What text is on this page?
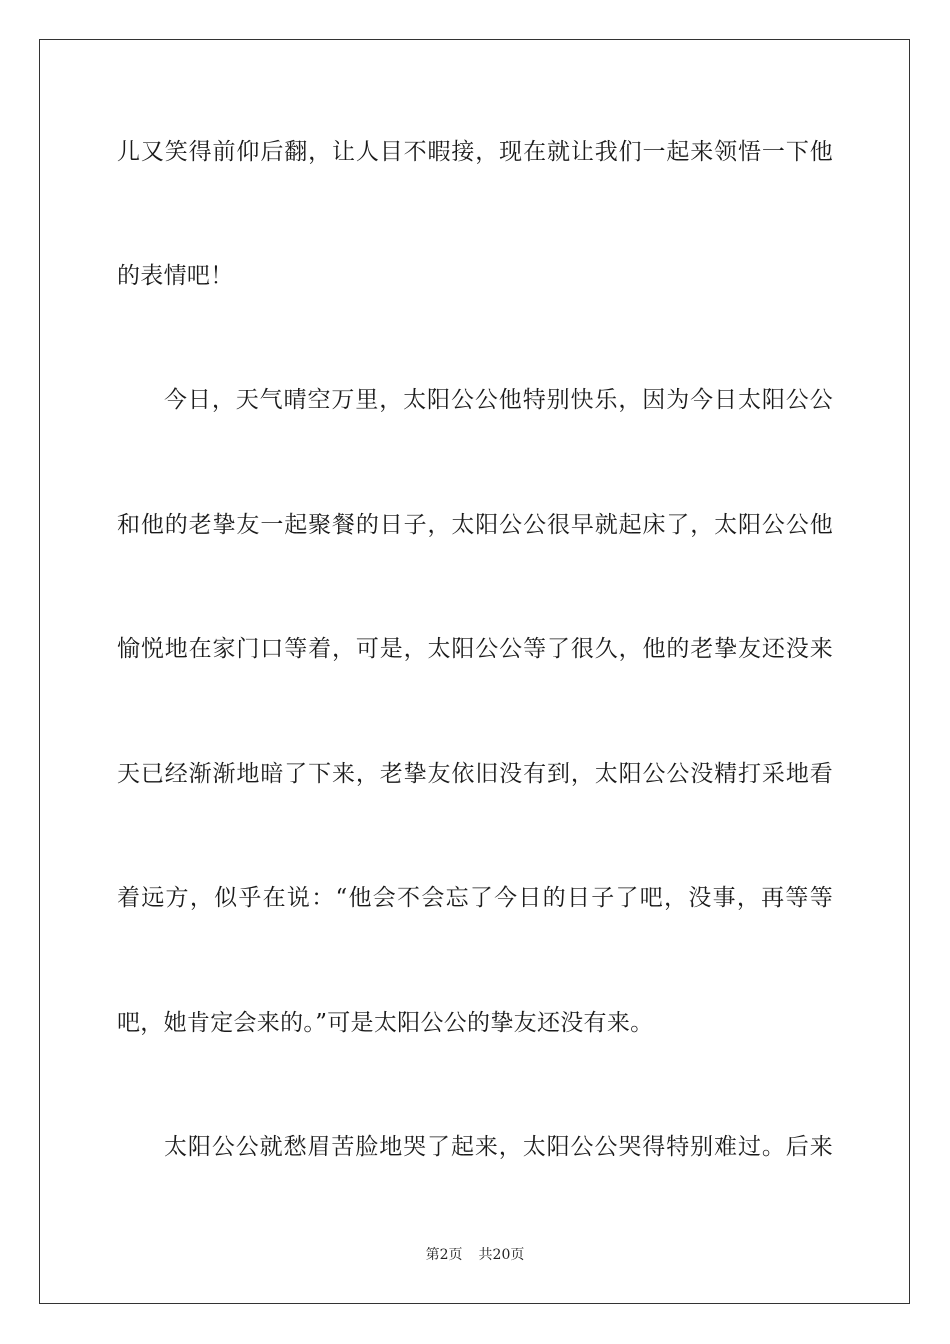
儿又笑得前仰后翻，让人目不暇接，现在就让我们一起来领悟一下他
的表情吧！
今日，天气晴空万里，太阳公公他特别快乐，因为今日太阳公公
和他的老挚友一起聚餐的日子，太阳公公很早就起床了，太阳公公他
愉悦地在家门口等着，可是，太阳公公等了很久，他的老挚友还没来
天已经渐渐地暗了下来，老挚友依旧没有到，太阳公公没精打采地看
着远方，似乎在说：“他会不会忘了今日的日子了吧，没事，再等等
吧，她肯定会来的。”可是太阳公公的挚友还没有来。
太阳公公就愁眉苦脸地哭了起来，太阳公公哭得特别难过。后来
第2页 共20页
